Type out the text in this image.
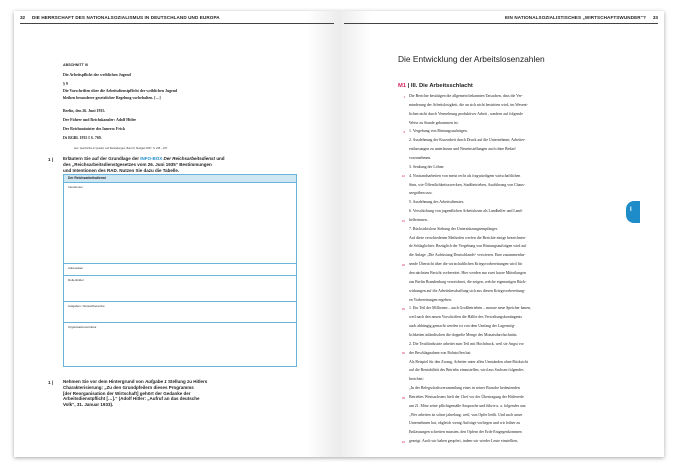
32 DIE HERRSCHAFT DES NATIONALSOZIALISMUS IN DEUTSCHLAND UND EUROPA
ABSCHNITT III
Die Arbeitspflicht der weiblichen Jugend
§ 9
Die Vorschriften über die Arbeitsdienstpflicht der weiblichen Jugend
bleiben besonderer gesetzlicher Regelung vorbehalten. […]
Berlin, den 26. Juni 1935.
Der Führer und Reichskanzler: Adolf Hitler
Der Reichsminister des Innern: Frick
Dt RGBl. 1935 I S. 769.
Aus: Geschichte in Quellen und Darstellungen, Band 9, Stuttgart 2007, S. 235 – 237.
1 | Erläutern Sie auf der Grundlage der INFO-BOX Der Reichsarbeitsdienst und
des „Reichsarbeitsdienstgesetzes vom 26. Juni 1935“ Bestimmungen
und Intentionen des RAD. Nutzen Sie dazu die Tabelle.
Der Reichsarbeitsdienst
Intentionen
Adressaten
Rollenbilder
Aufgaben / Einsatzbereiche
Organisationsstruktur
1 | Nehmen Sie vor dem Hintergrund von Aufgabe 1 Stellung zu Hitlers
Charakterisierung: „Zu den Grundpfeilern dieses Programms
[der Reorganisation der Wirtschaft] gehört der Gedanke der
Arbeitsdienstpflicht […].“ (Adolf Hitler: „Aufruf an das deutsche
Volk“, 31. Januar 1933).
EIN NATIONALSOZIALISTISCHES „WIRTSCHAFTSWUNDER“? 33
Die Entwicklung der Arbeitslosenzahlen
M1 | III. Die Arbeitsschlacht
1 Die Berichte bestätigen die allgemein bekannten Tatsachen, dass die Ver-
minderung der Arbeitslosigkeit, die an sich nicht bestritten wird, im Wesent-
lichen nicht durch Vermehrung produktiver Arbeit , sondern auf folgende
Weise zu Stande gekommen ist:
5 1. Vergebung von Rüstungsaufträgen.
2. Ausdehnung der Kurzarbeit durch Druck auf die Unternehmer, Arbeiter-
entlassungen zu unterlassen und Neueinstellungen auch ohne Bedarf
vorzunehmen.
3. Senkung der Löhne.
10 4. Notstandsarbeiten von meist recht als fragwürdigem wirtschaftlichen
Sinn, wie Öffentlichkeitszwecken, Stadtbetrieben, Ausführung von Chaus-
seegräben usw.
5. Ausdehnung des Arbeitsdienstes.
6. Verschickung von jugendlichen Arbeitslosen als Landhelfer und Land-
15 helferinnen.
7. Rücksichtslose Siebung der Unterstützungsempfänger.
Auf diese verschiedenen Methoden werfen die Berichte einige bezeichnen-
de Schlaglichter. Bezüglich der Vergebung von Rüstungsaufträgen wird auf
die Anlage „Die Aufrüstung Deutschlands“ verwiesen. Eine zusammenfas-
20 sende Übersicht über die wirtschaftlichen Kriegsvorbereitungen wird für
den nächsten Bericht vorbereitet. Hier werden nur zwei kurze Mitteilungen
aus Berlin Brandenburg verzeichnet, die zeigen, welche eigenartigen Rück-
wirkungen auf die Arbeitsbeschaffung sich aus diesen Kriegsvorbereitung-
en Vorbereitungen ergeben:
25 1. Ein Teil der Millionen – auch Großbetrieben – musste neue Speicher bauen,
weil nach den neuen Vorschriften die Hälfte des Verwaltungskontingents
auch abhängig gemacht werden ist von dem Umfang der Lagermög-
lichkeiten inländischen die doppelte Menge des Monatsdurchschnitts.
2. Die Textilindustrie arbeitet zum Teil mit Hochdruck, weil sie Angst vor
30 der Beschlagnahme von Rohstoffen hat.
Als Beispiel für den Zwang, Arbeiter unter allen Umständen ohne Rücksicht
auf die Rentabilität des Betriebs einzustellen, wird aus Sachsen folgendes
berichtet:
„In der Belegschaftsversammlung eines in seiner Branche bedeutenden
35 Betriebes Westsachsens hielt der Chef vor der Übertragung der Hitlerrede
am 21. März seine pflichtgemäße Ansprache und führte u. a. folgendes aus:
„Wer arbeiten ist schon jahrelang, weil, was Opfer heißt. Und auch unser
Unternehmen hat, obgleich wenig Aufträge vorliegen und wir früher zu
Entlassungen schreiten mussten, den Opfern der Erde Entgegenkommen
40 gezeigt. Auch wir haben geopfert, indem wir wieder Leute einstellten,
I
